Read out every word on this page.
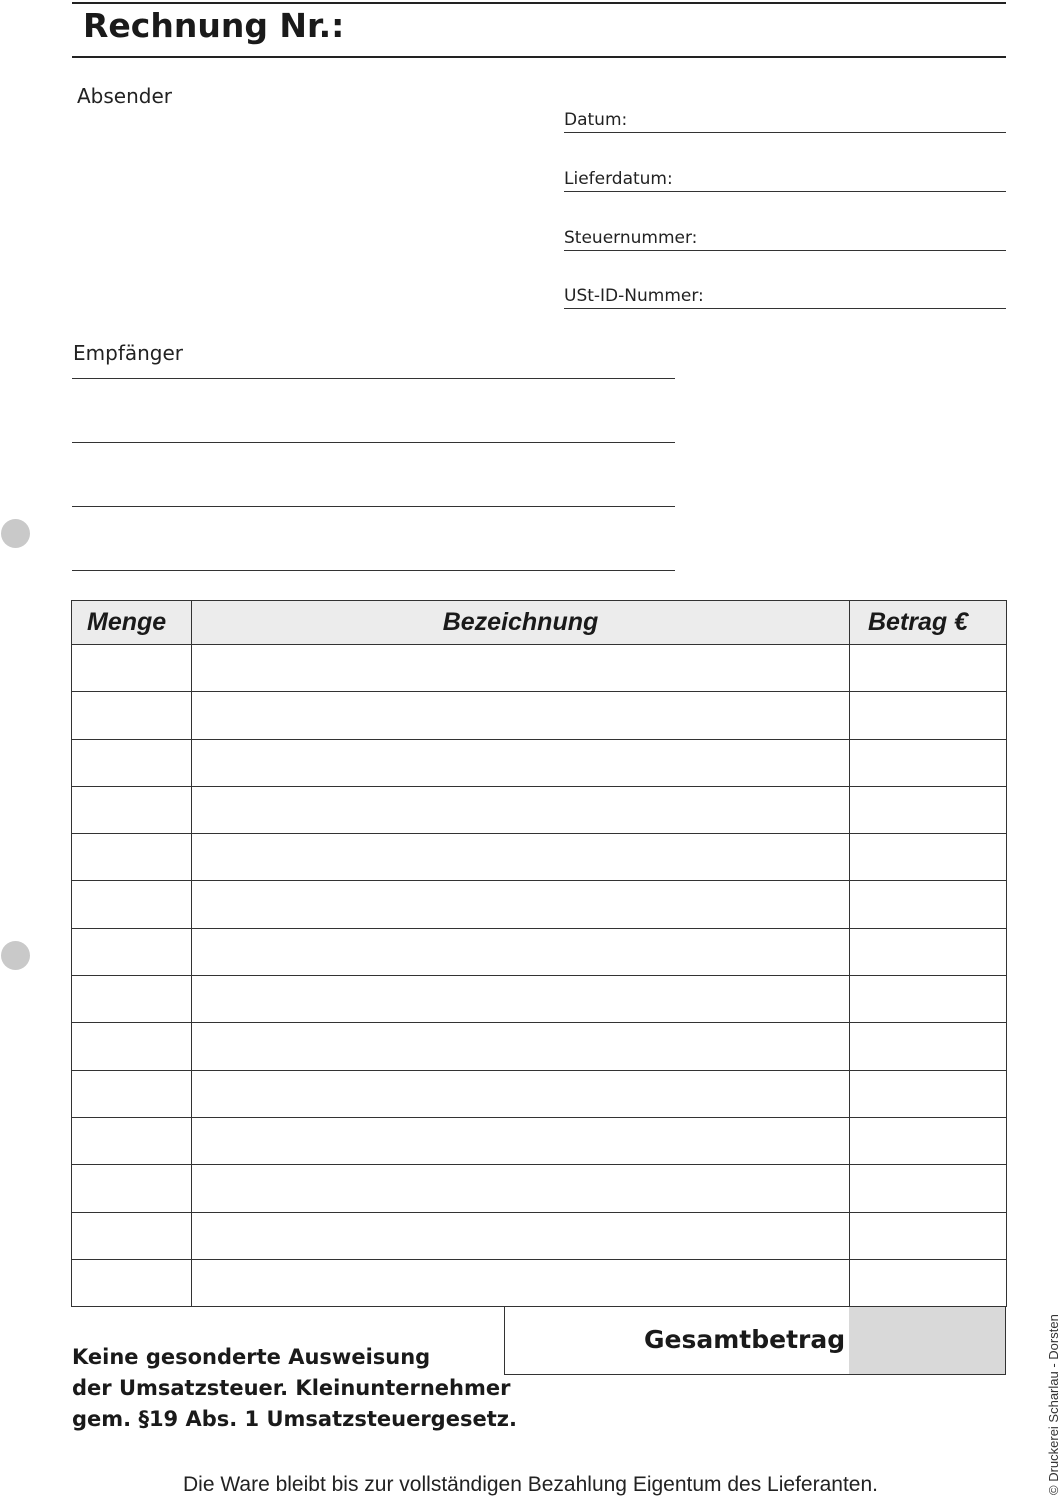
Rechnung Nr.:
Absender
Datum:
Lieferdatum:
Steuernummer:
USt-ID-Nummer:
Empfänger
Menge	Bezeichnung	Betrag €

Gesamtbetrag
Keine gesonderte Ausweisung
der Umsatzsteuer. Kleinunternehmer
gem. §19 Abs. 1 Umsatzsteuergesetz.
Die Ware bleibt bis zur vollständigen Bezahlung Eigentum des Lieferanten.	© Druckerei Scharlau - Dorsten
